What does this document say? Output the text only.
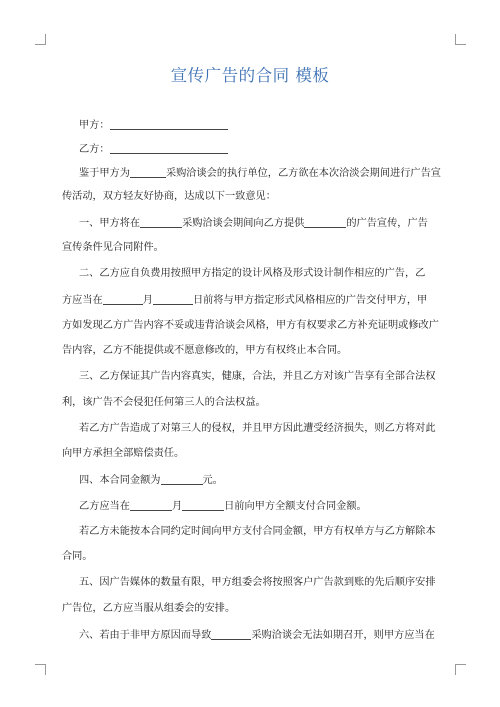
宣传广告的合同 模板
甲方：
乙方：
鉴于甲方为	采购洽谈会的执行单位，乙方欲在本次洽淡会期间进行广告宣
传活动，双方轻友好协商，达成以下一致意见：
一、甲方将在	采购洽谈会期间向乙方提供	的广告宣传，广告
宣传条件见合同附件。
二、乙方应自负费用按照甲方指定的设计风格及形式设计制作相应的广告，乙
方应当在	月	日前将与甲方指定形式风格相应的广告交付甲方，甲
方如发现乙方广告内容不妥或违背洽谈会风格，甲方有权要求乙方补充证明或修改广
告内容，乙方不能提供或不愿意修改的，甲方有权终止本合同。
三、乙方保证其广告内容真实，健康，合法，并且乙方对该广告享有全部合法权
利，该广告不会侵犯任何第三人的合法权益。
若乙方广告造成了对第三人的侵权，并且甲方因此遭受经济损失，则乙方将对此
向甲方承担全部赔偿责任。
四、本合同金额为	元。
乙方应当在	月	日前向甲方全额支付合同金额。
若乙方未能按本合同约定时间向甲方支付合同金额，甲方有权单方与乙方解除本
合同。
五、因广告媒体的数量有限，甲方组委会将按照客户广告款到账的先后顺序安排
广告位，乙方应当服从组委会的安排。
六、若由于非甲方原因而导致	采购洽谈会无法如期召开，则甲方应当在
